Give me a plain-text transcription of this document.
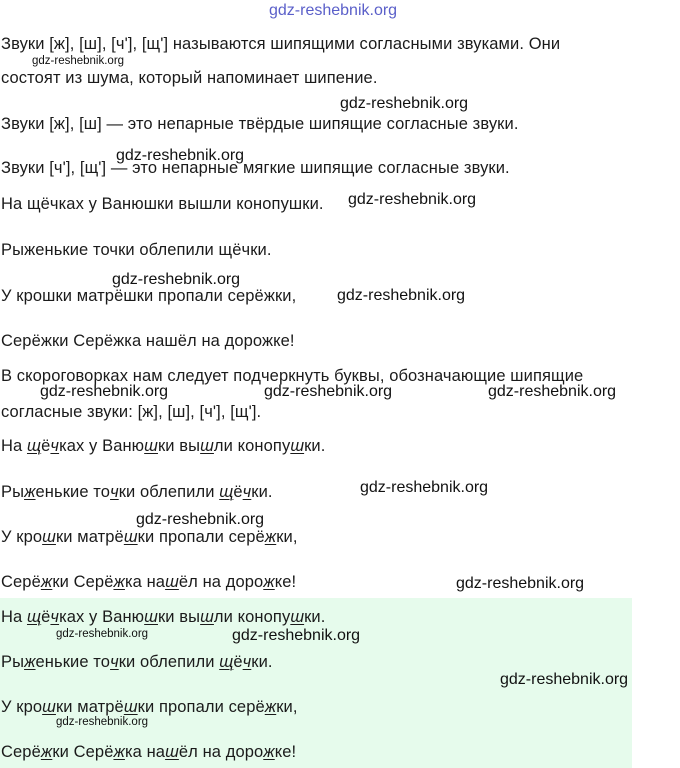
gdz-reshebnik.org

Звуки [ж], [ш], [ч'], [щ'] называются шипящими согласными звуками. Они

состоят из шума, который напоминает шипение.

Звуки [ж], [ш] — это непарные твёрдые шипящие согласные звуки.

Звуки [ч'], [щ'] — это непарные мягкие шипящие согласные звуки.

На щёчках у Ванюшки вышли конопушки.

Рыженькие точки облепили щёчки.

У крошки матрёшки пропали серёжки,

Серёжки Серёжка нашёл на дорожке!

В скороговорках нам следует подчеркнуть буквы, обозначающие шипящие

согласные звуки: [ж], [ш], [ч'], [щ'].

На щёчках у Ванюшки вышли конопушки.

Рыженькие точки облепили щёчки.

У крошки матрёшки пропали серёжки,

Серёжки Серёжка нашёл на дорожке!

На щёчках у Ванюшки вышли конопушки.

Рыженькие точки облепили щёчки.

У крошки матрёшки пропали серёжки,

Серёжки Серёжка нашёл на дорожке!

gdz-reshebnik.org
gdz-reshebnik.org
gdz-reshebnik.org
gdz-reshebnik.org
gdz-reshebnik.org
gdz-reshebnik.org
gdz-reshebnik.org	gdz-reshebnik.org	gdz-reshebnik.org
gdz-reshebnik.org
gdz-reshebnik.org
gdz-reshebnik.org
gdz-reshebnik.org	gdz-reshebnik.org
gdz-reshebnik.org
gdz-reshebnik.org
